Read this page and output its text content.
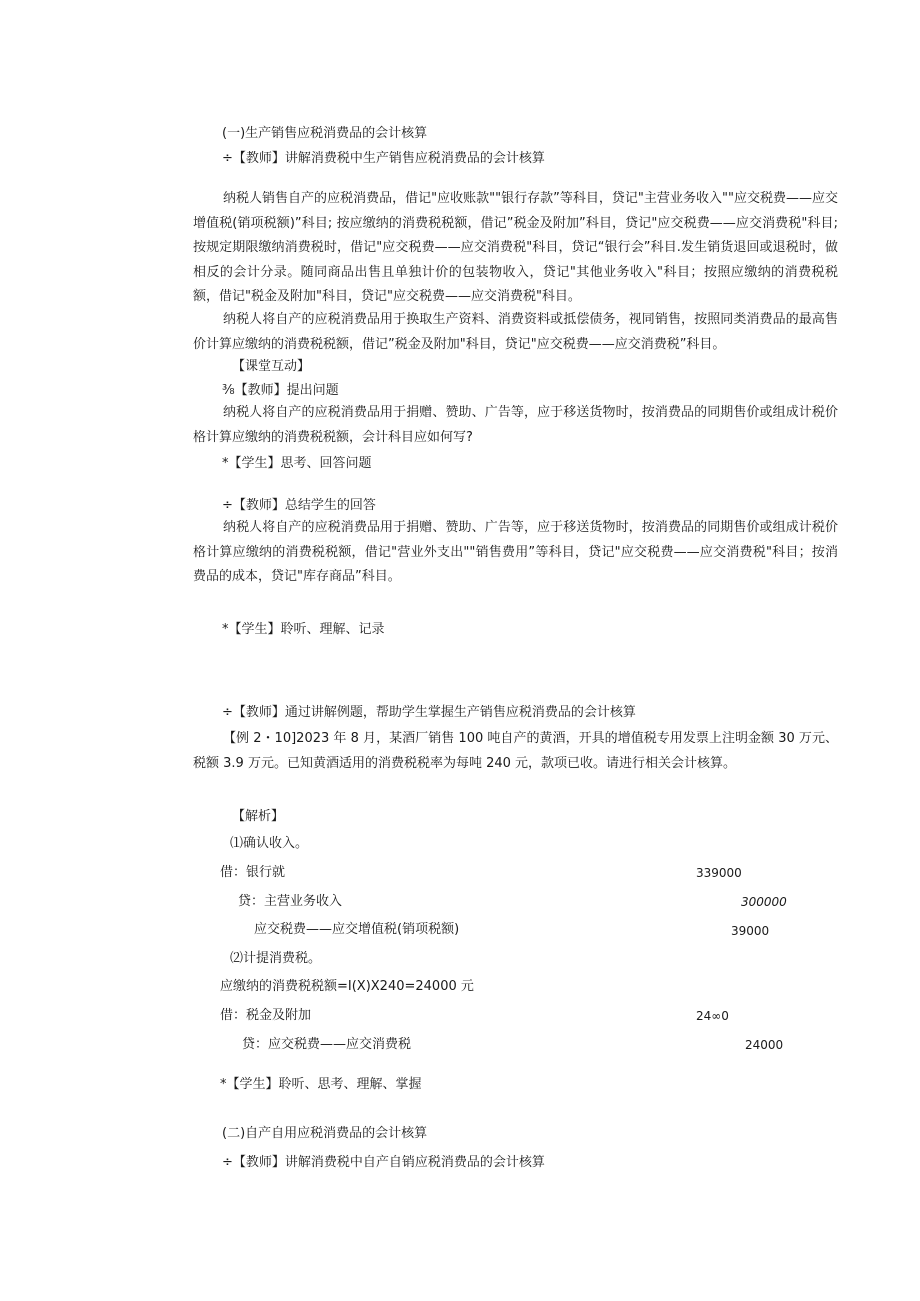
(一)生产销售应税消费品的会计核算
÷【教师】讲解消费税中生产销售应税消费品的会计核算
纳税人销售自产的应税消费品，借记"应收账款""银行存款”等科目，贷记"主营业务收入""应交税费——应交增值税(销项税额)”科目; 按应缴纳的消费税税额，借记”税金及附加”科目，贷记"应交税费——应交消费税"科目;按规定期限缴纳消费税时，借记"应交税费——应交消费税"科目，贷记“银行会”科目.发生销货退回或退税时，做相反的会计分录。随同商品出售且单独计价的包装物收入，贷记"其他业务收入"科目；按照应缴纳的消费税税额，借记"税金及附加"科目，贷记"应交税费——应交消费税"科目。
纳税人将自产的应税消费品用于换取生产资料、消费资料或抵偿债务，视同销售，按照同类消费品的最高售价计算应缴纳的消费税税额，借记”税金及附加"科目，贷记"应交税费——应交消费税”科目。
【课堂互动】
⅜【教师】提出问题
纳税人将自产的应税消费品用于捐赠、赞助、广告等，应于移送货物时，按消费品的同期售价或组成计税价格计算应缴纳的消费税税额，会计科目应如何写?
*【学生】思考、回答问题
÷【教师】总结学生的回答
纳税人将自产的应税消费品用于捐赠、赞助、广告等，应于移送货物时，按消费品的同期售价或组成计税价格计算应缴纳的消费税税额，借记"营业外支出""销售费用”等科目，贷记"应交税费——应交消费税"科目；按消费品的成本，贷记"库存商品”科目。
*【学生】聆听、理解、记录
÷【教师】通过讲解例题，帮助学生掌握生产销售应税消费品的会计核算
【例 2・10]2023 年 8 月，某酒厂销售 100 吨自产的黄酒，开具的增值税专用发票上注明金额 30 万元、税额 3.9 万元。已知黄酒适用的消费税税率为每吨 240 元，款项已收。请进行相关会计核算。
【解析】
⑴确认收入。
借：银行就	339000
贷：主营业务收入	300000
应交税费——应交增值税(销项税额)	39000
⑵计提消费税。
应缴纳的消费税税额=I(X)X240=24000 元
借：税金及附加	24∞0
贷：应交税费——应交消费税	24000
*【学生】聆听、思考、理解、掌握
(二)自产自用应税消费品的会计核算
÷【教师】讲解消费税中自产自销应税消费品的会计核算
